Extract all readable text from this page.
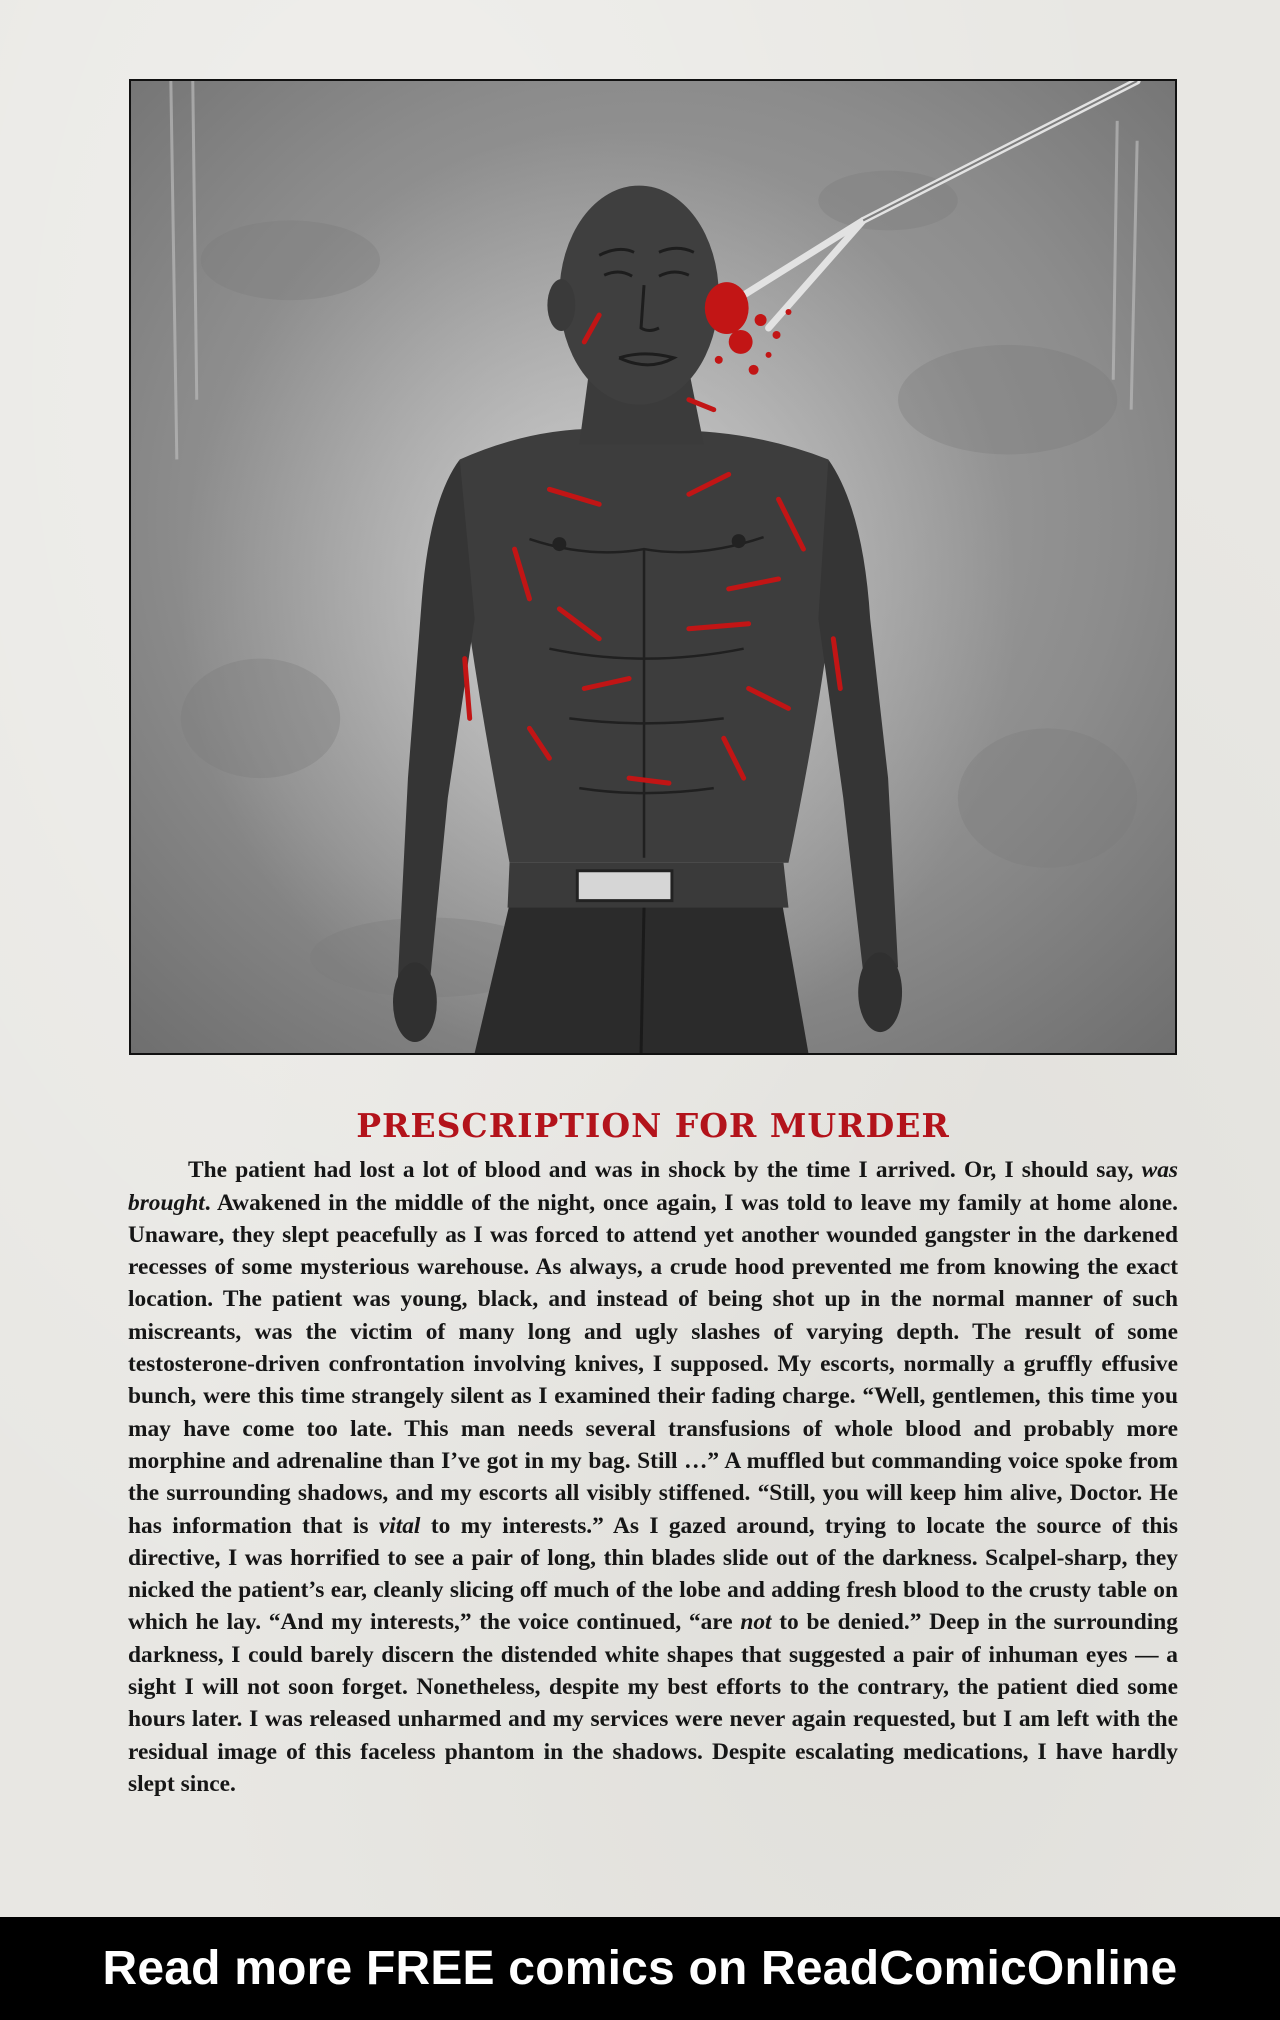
PRESCRIPTION FOR MURDER

The patient had lost a lot of blood and was in shock by the time I arrived. Or, I should say, was brought. Awakened in the middle of the night, once again, I was told to leave my family at home alone. Unaware, they slept peacefully as I was forced to attend yet another wounded gangster in the darkened recesses of some mysterious warehouse. As always, a crude hood prevented me from knowing the exact location. The patient was young, black, and instead of being shot up in the normal manner of such miscreants, was the victim of many long and ugly slashes of varying depth. The result of some testosterone-driven confrontation involving knives, I supposed. My escorts, normally a gruffly effusive bunch, were this time strangely silent as I examined their fading charge. “Well, gentlemen, this time you may have come too late. This man needs several transfusions of whole blood and probably more morphine and adrenaline than I’ve got in my bag. Still …” A muffled but commanding voice spoke from the surrounding shadows, and my escorts all visibly stiffened. “Still, you will keep him alive, Doctor. He has information that is vital to my interests.” As I gazed around, trying to locate the source of this directive, I was horrified to see a pair of long, thin blades slide out of the darkness. Scalpel-sharp, they nicked the patient’s ear, cleanly slicing off much of the lobe and adding fresh blood to the crusty table on which he lay. “And my interests,” the voice continued, “are not to be denied.” Deep in the surrounding darkness, I could barely discern the distended white shapes that suggested a pair of inhuman eyes — a sight I will not soon forget. Nonetheless, despite my best efforts to the contrary, the patient died some hours later. I was released unharmed and my services were never again requested, but I am left with the residual image of this faceless phantom in the shadows. Despite escalating medications, I have hardly slept since.

Read more FREE comics on ReadComicOnline
